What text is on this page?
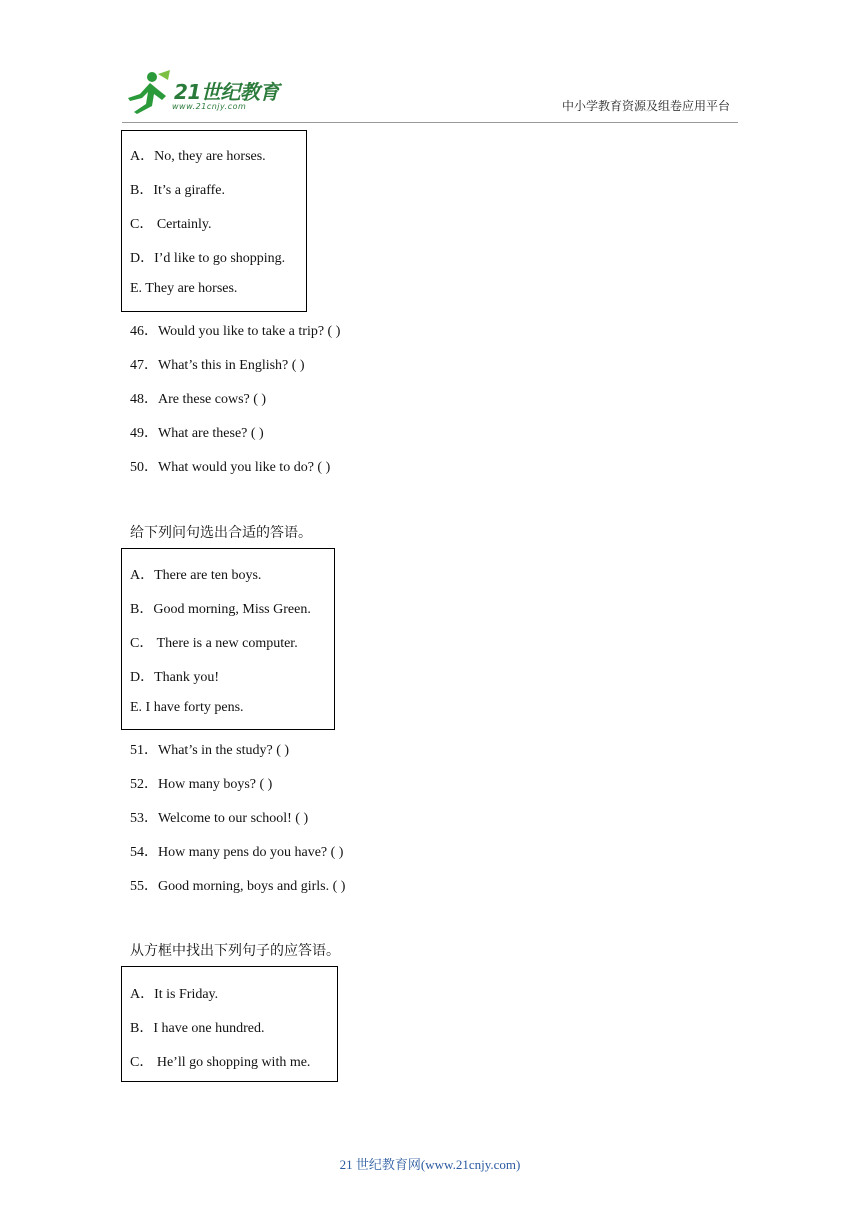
21世纪教育
www.21cnjy.com	中小学教育资源及组卷应用平台
A．No, they are horses.
B．It’s a giraffe.
C． Certainly.
D．I’d like to go shopping.
E. They are horses.
46．Would you like to take a trip? ( )
47．What’s this in English? ( )
48．Are these cows? ( )
49．What are these? ( )
50．What would you like to do? ( )
给下列问句选出合适的答语。
A．There are ten boys.
B．Good morning, Miss Green.
C． There is a new computer.
D．Thank you!
E. I have forty pens.
51．What’s in the study? ( )
52．How many boys? ( )
53．Welcome to our school! ( )
54．How many pens do you have? ( )
55．Good morning, boys and girls. ( )
从方框中找出下列句子的应答语。
A．It is Friday.
B．I have one hundred.
C． He’ll go shopping with me.
21 世纪教育网(www.21cnjy.com)
